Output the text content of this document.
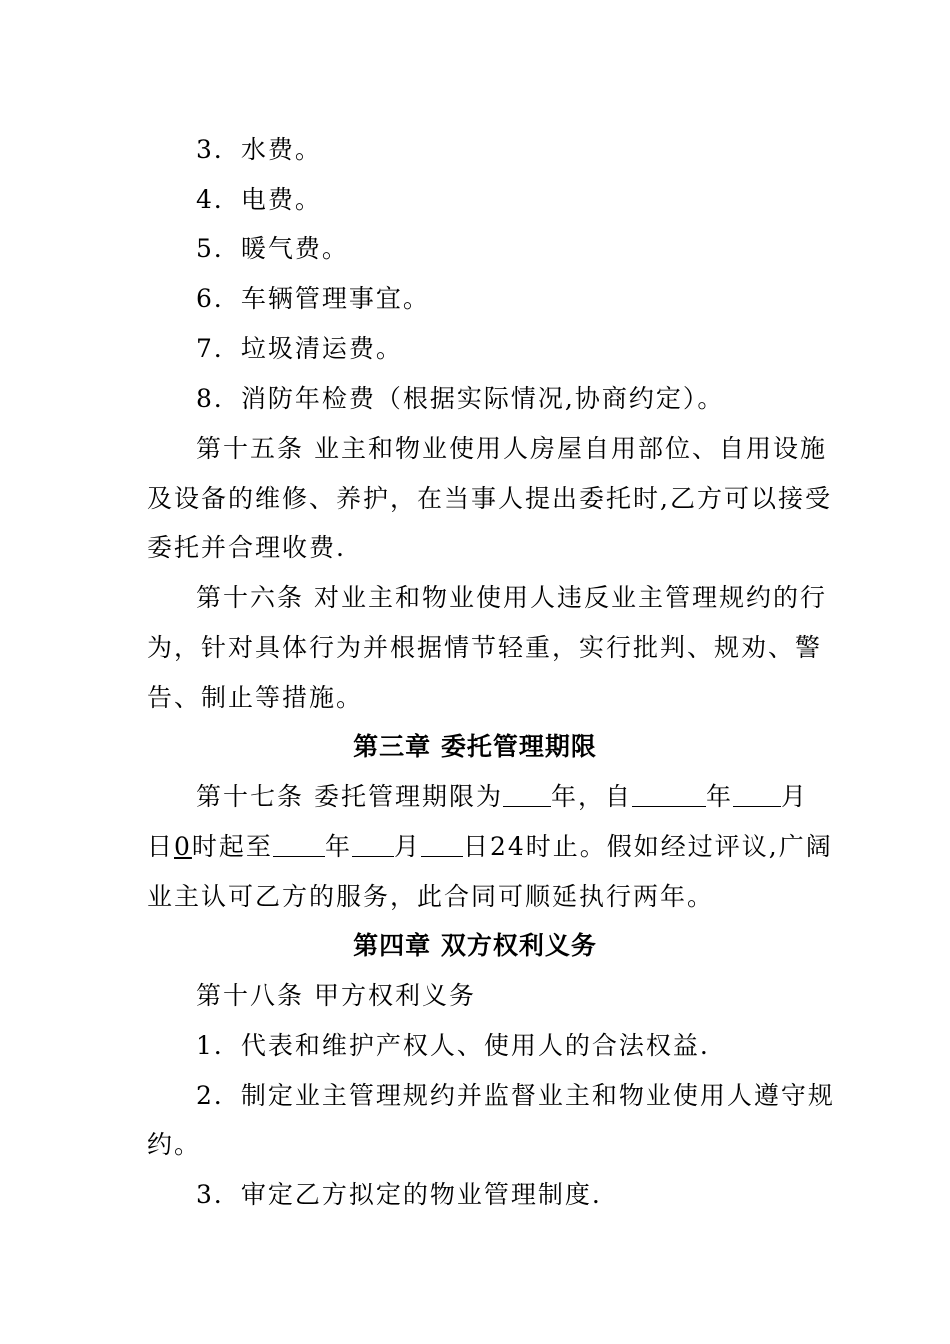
3．水费。
4．电费。
5．暖气费。
6．车辆管理事宜。
7．垃圾清运费。
8．消防年检费（根据实际情况,协商约定）。
第十五条 业主和物业使用人房屋自用部位、自用设施
及设备的维修、养护，在当事人提出委托时,乙方可以接受
委托并合理收费.
第十六条 对业主和物业使用人违反业主管理规约的行
为，针对具体行为并根据情节轻重，实行批判、规劝、警
告、制止等措施。
第三章 委托管理期限
第十七条 委托管理期限为 年，自	年 月
日0时起至 年 月 日24时止。假如经过评议,广阔
业主认可乙方的服务，此合同可顺延执行两年。
第四章 双方权利义务
第十八条 甲方权利义务
1．代表和维护产权人、使用人的合法权益.
2．制定业主管理规约并监督业主和物业使用人遵守规
约。
3．审定乙方拟定的物业管理制度.
